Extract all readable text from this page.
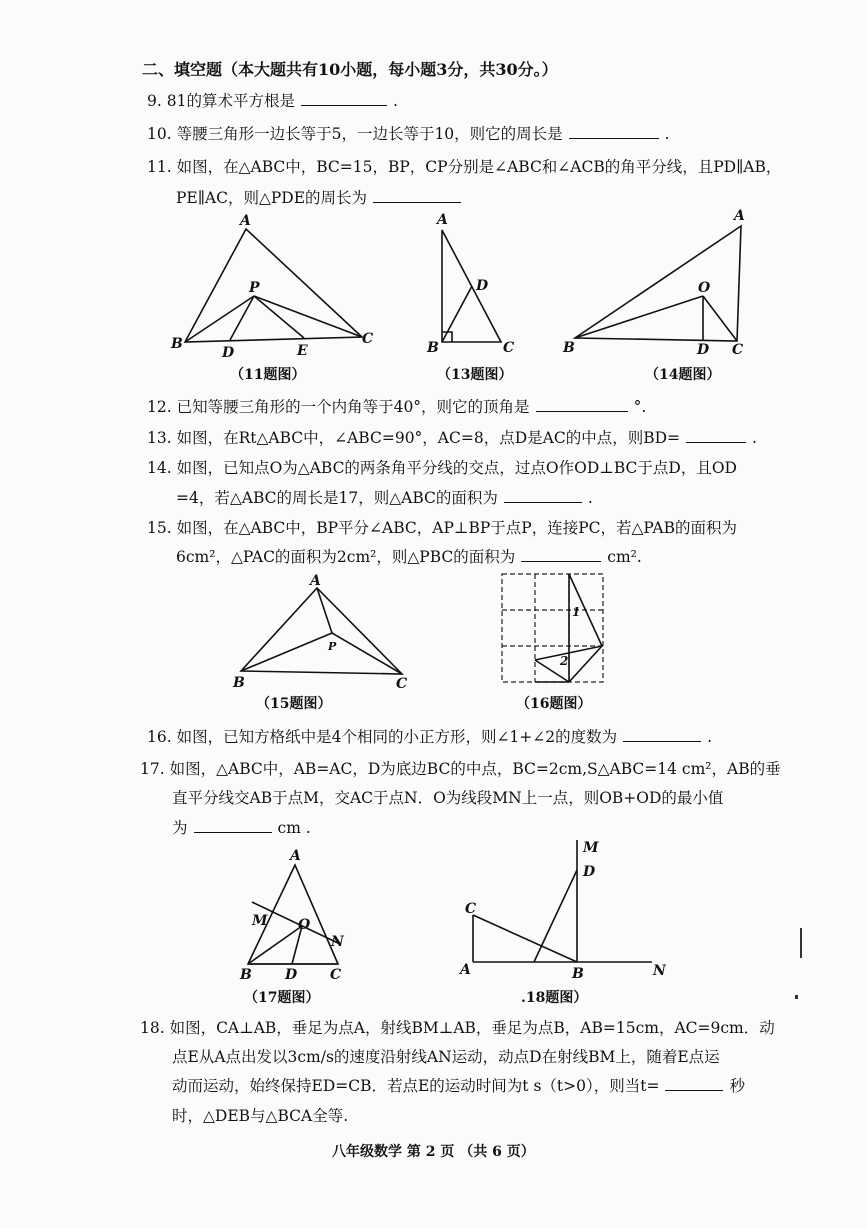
二、填空题（本大题共有10小题，每小题3分，共30分。）
9. 81的算术平方根是	.
10. 等腰三角形一边长等于5，一边长等于10，则它的周长是	.
11. 如图，在△ABC中，BC=15，BP，CP分别是∠ABC和∠ACB的角平分线，且PD∥AB，
PE∥AC，则△PDE的周长为
A
B	C
P
D	E
A
B	C
D
A
B	C
O
D
A
B	C
P
1
2
A
B	C
D
M
N
O
C
A	B	N
M
D
（11题图）	（13题图）	（14题图）
12. 已知等腰三角形的一个内角等于40°，则它的顶角是	°.
13. 如图，在Rt△ABC中，∠ABC=90°，AC=8，点D是AC的中点，则BD=	.
14. 如图，已知点O为△ABC的两条角平分线的交点，过点O作OD⊥BC于点D，且OD
=4，若△ABC的周长是17，则△ABC的面积为	.
15. 如图，在△ABC中，BP平分∠ABC，AP⊥BP于点P，连接PC，若△PAB的面积为
6cm²，△PAC的面积为2cm²，则△PBC的面积为	cm².
（15题图）	（16题图）
16. 如图，已知方格纸中是4个相同的小正方形，则∠1+∠2的度数为	.
17. 如图，△ABC中，AB=AC，D为底边BC的中点，BC=2cm,S△ABC=14 cm²，AB的垂
直平分线交AB于点M，交AC于点N．O为线段MN上一点，则OB+OD的最小值
为	cm .
（17题图）	.18题图）
18. 如图，CA⊥AB，垂足为点A，射线BM⊥AB，垂足为点B，AB=15cm，AC=9cm．动
点E从A点出发以3cm/s的速度沿射线AN运动，动点D在射线BM上，随着E点运
动而运动，始终保持ED=CB．若点E的运动时间为t s（t>0），则当t=	秒
时，△DEB与△BCA全等.
八年级数学 第 2 页 （共 6 页）
